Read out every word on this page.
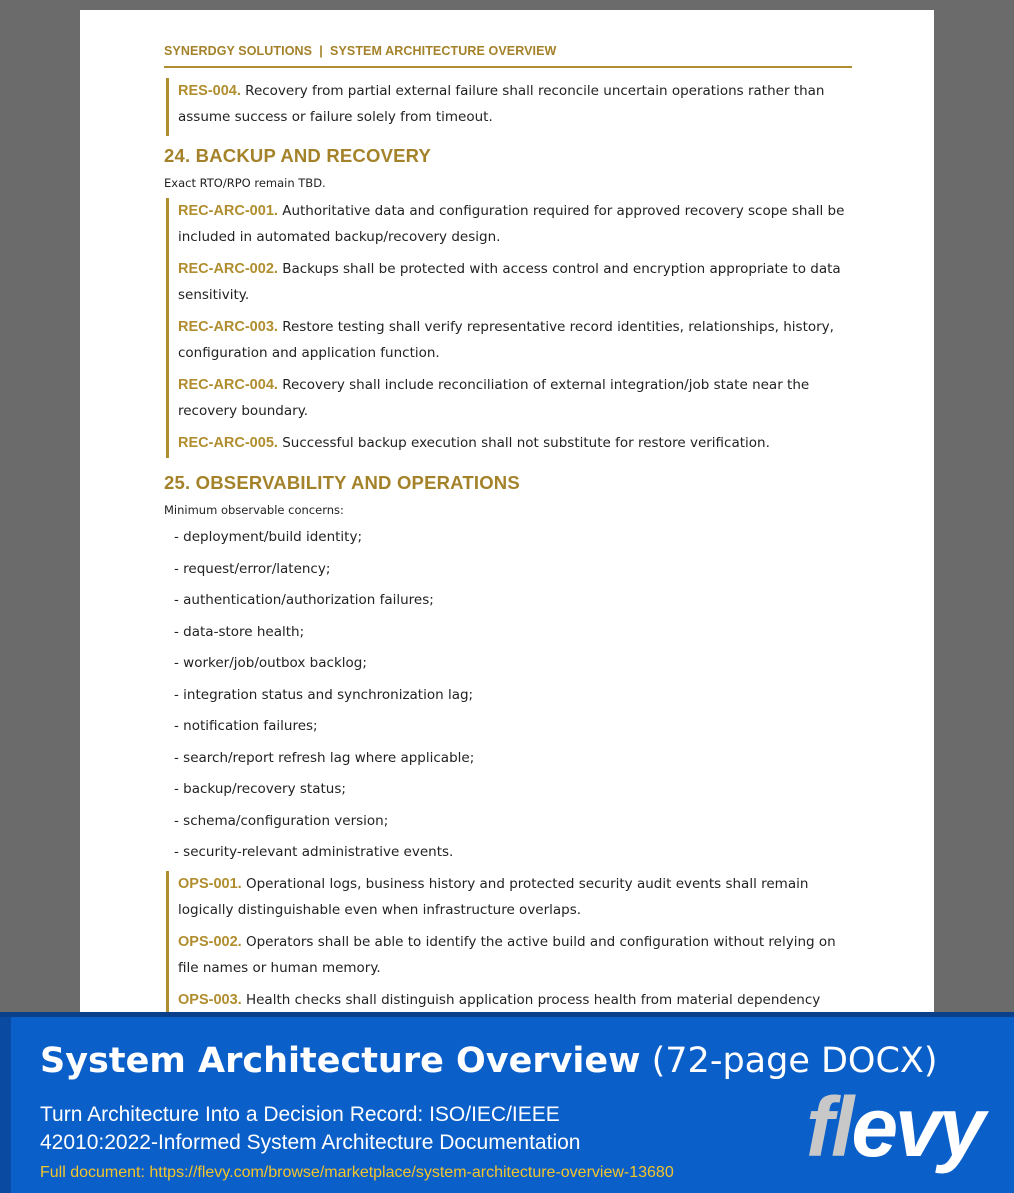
SYNERDGY SOLUTIONS  |  SYSTEM ARCHITECTURE OVERVIEW

RES-004. Recovery from partial external failure shall reconcile uncertain operations rather than assume success or failure solely from timeout.

24. BACKUP AND RECOVERY
Exact RTO/RPO remain TBD.

REC-ARC-001. Authoritative data and configuration required for approved recovery scope shall be included in automated backup/recovery design.

REC-ARC-002. Backups shall be protected with access control and encryption appropriate to data sensitivity.

REC-ARC-003. Restore testing shall verify representative record identities, relationships, history, configuration and application function.

REC-ARC-004. Recovery shall include reconciliation of external integration/job state near the recovery boundary.

REC-ARC-005. Successful backup execution shall not substitute for restore verification.

25. OBSERVABILITY AND OPERATIONS
Minimum observable concerns:
- deployment/build identity;
- request/error/latency;
- authentication/authorization failures;
- data-store health;
- worker/job/outbox backlog;
- integration status and synchronization lag;
- notification failures;
- search/report refresh lag where applicable;
- backup/recovery status;
- schema/configuration version;
- security-relevant administrative events.

OPS-001. Operational logs, business history and protected security audit events shall remain logically distinguishable even when infrastructure overlaps.

OPS-002. Operators shall be able to identify the active build and configuration without relying on file names or human memory.

OPS-003. Health checks shall distinguish application process health from material dependency

System Architecture Overview (72-page DOCX)
Turn Architecture Into a Decision Record: ISO/IEC/IEEE 42010:2022-Informed System Architecture Documentation
Full document: https://flevy.com/browse/marketplace/system-architecture-overview-13680 flevy
